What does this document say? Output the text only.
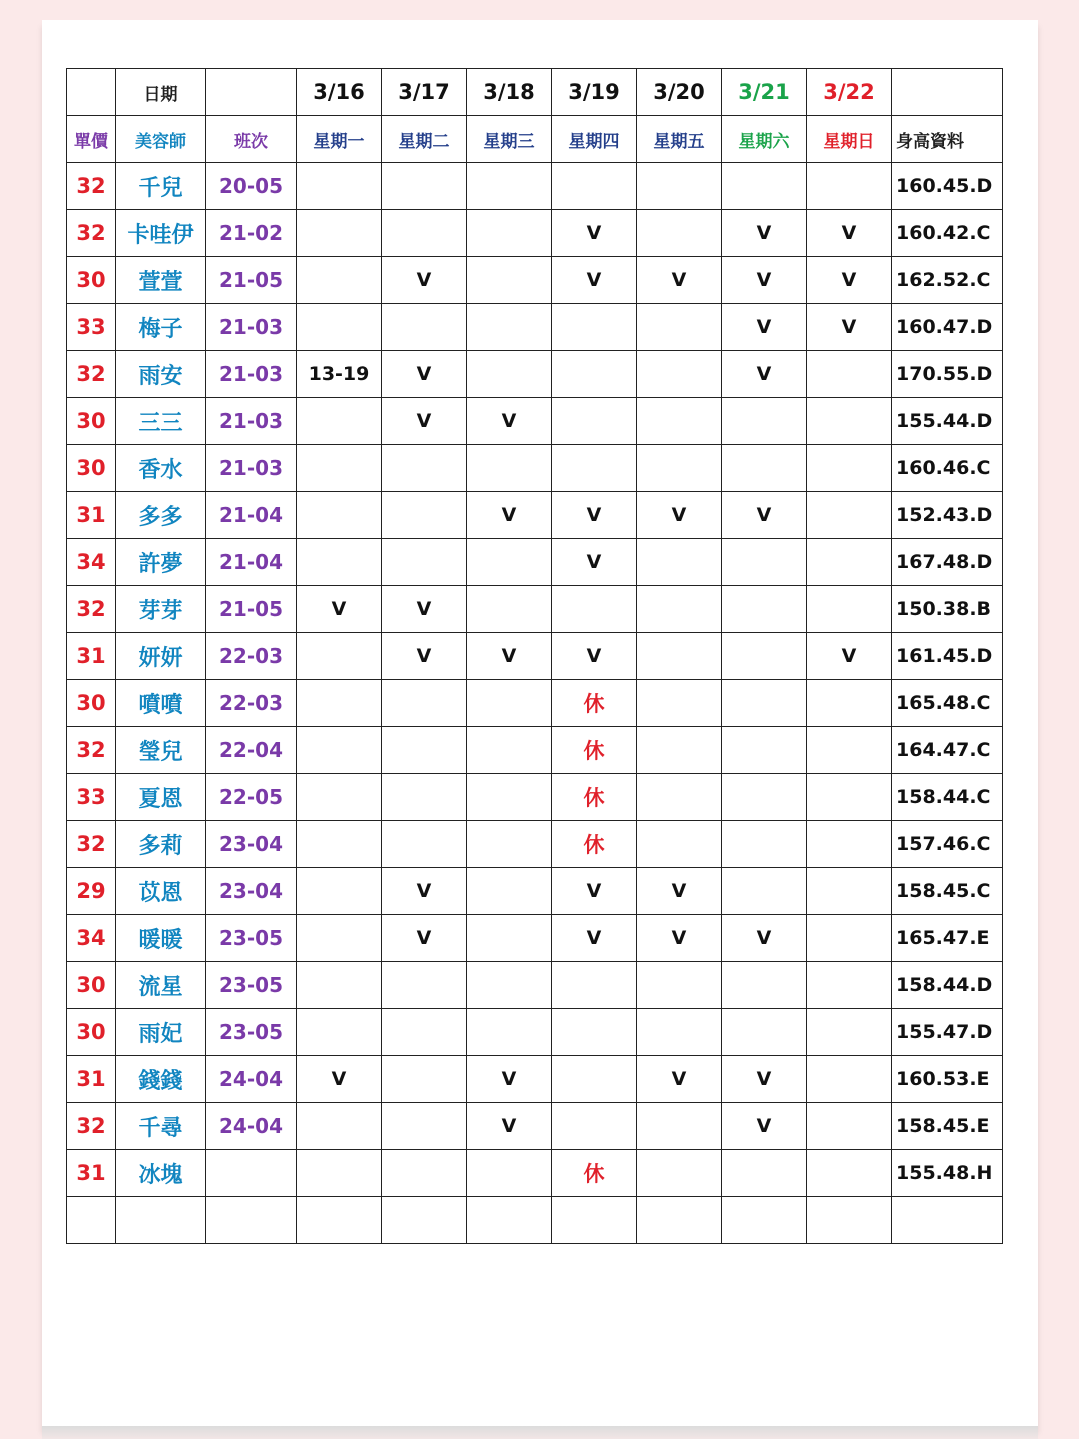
	日期		3/16	3/17	3/18	3/19	3/20	3/21	3/22	
單價	美容師	班次	星期一	星期二	星期三	星期四	星期五	星期六	星期日	身高資料
32	千兒	20-05								160.45.D
32	卡哇伊	21-02				V		V	V	160.42.C
30	萱萱	21-05		V		V	V	V	V	162.52.C
33	梅子	21-03						V	V	160.47.D
32	雨安	21-03	13-19	V				V		170.55.D
30	三三	21-03		V	V					155.44.D
30	香水	21-03								160.46.C
31	多多	21-04			V	V	V	V		152.43.D
34	許夢	21-04				V				167.48.D
32	芽芽	21-05	V	V						150.38.B
31	妍妍	22-03		V	V	V			V	161.45.D
30	噴噴	22-03				休				165.48.C
32	瑩兒	22-04				休				164.47.C
33	夏恩	22-05				休				158.44.C
32	多莉	23-04				休				157.46.C
29	苡恩	23-04		V		V	V			158.45.C
34	暖暖	23-05		V		V	V	V		165.47.E
30	流星	23-05								158.44.D
30	雨妃	23-05								155.47.D
31	錢錢	24-04	V		V		V	V		160.53.E
32	千尋	24-04			V			V		158.45.E
31	冰塊					休				155.48.H
